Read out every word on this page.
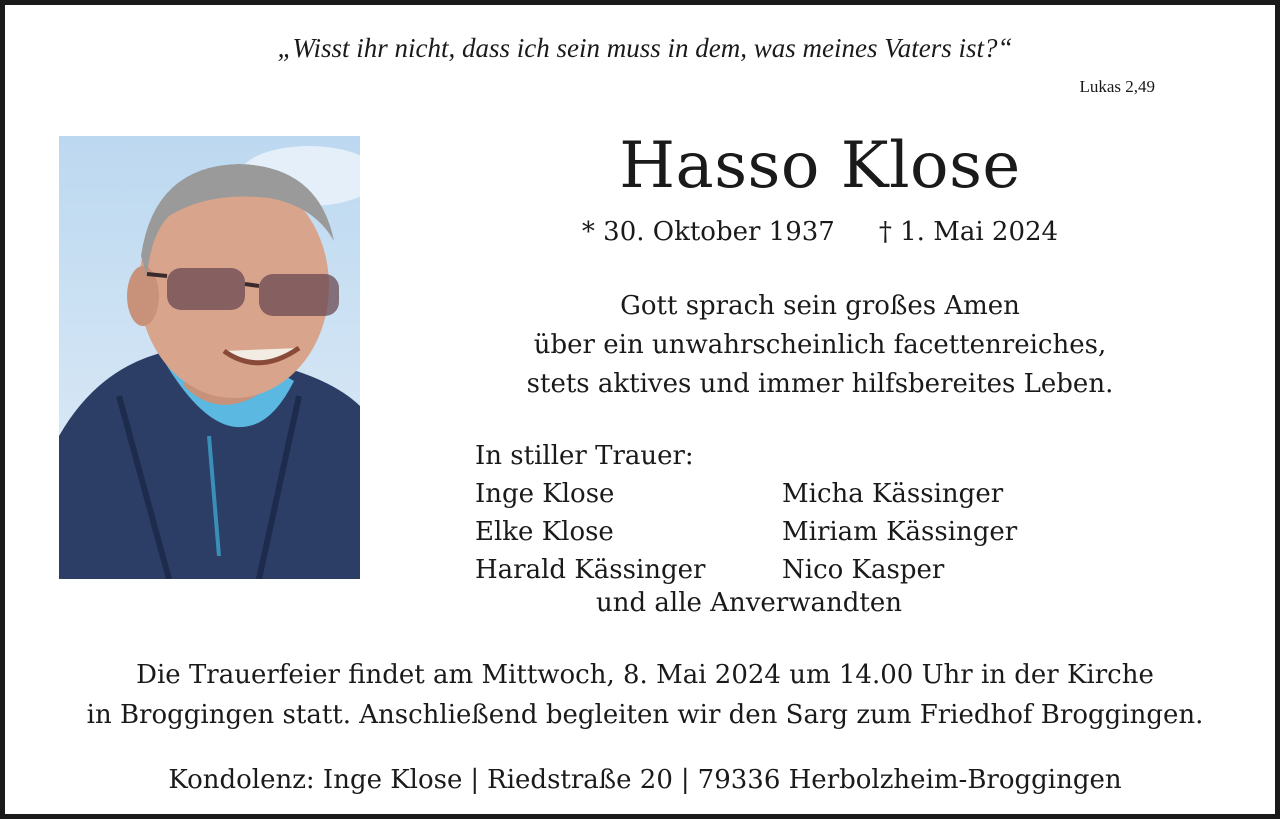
„Wisst ihr nicht, dass ich sein muss in dem, was meines Vaters ist?“
Lukas 2,49
Hasso Klose
* 30. Oktober 1937 † 1. Mai 2024
Gott sprach sein großes Amen
über ein unwahrscheinlich facettenreiches,
stets aktives und immer hilfsbereites Leben.
In stiller Trauer:
Inge Klose
Elke Klose
Harald Kässinger
Micha Kässinger
Miriam Kässinger
Nico Kasper
und alle Anverwandten
Die Trauerfeier findet am Mittwoch, 8. Mai 2024 um 14.00 Uhr in der Kirche
in Broggingen statt. Anschließend begleiten wir den Sarg zum Friedhof Broggingen.
Kondolenz: Inge Klose | Riedstraße 20 | 79336 Herbolzheim-Broggingen
